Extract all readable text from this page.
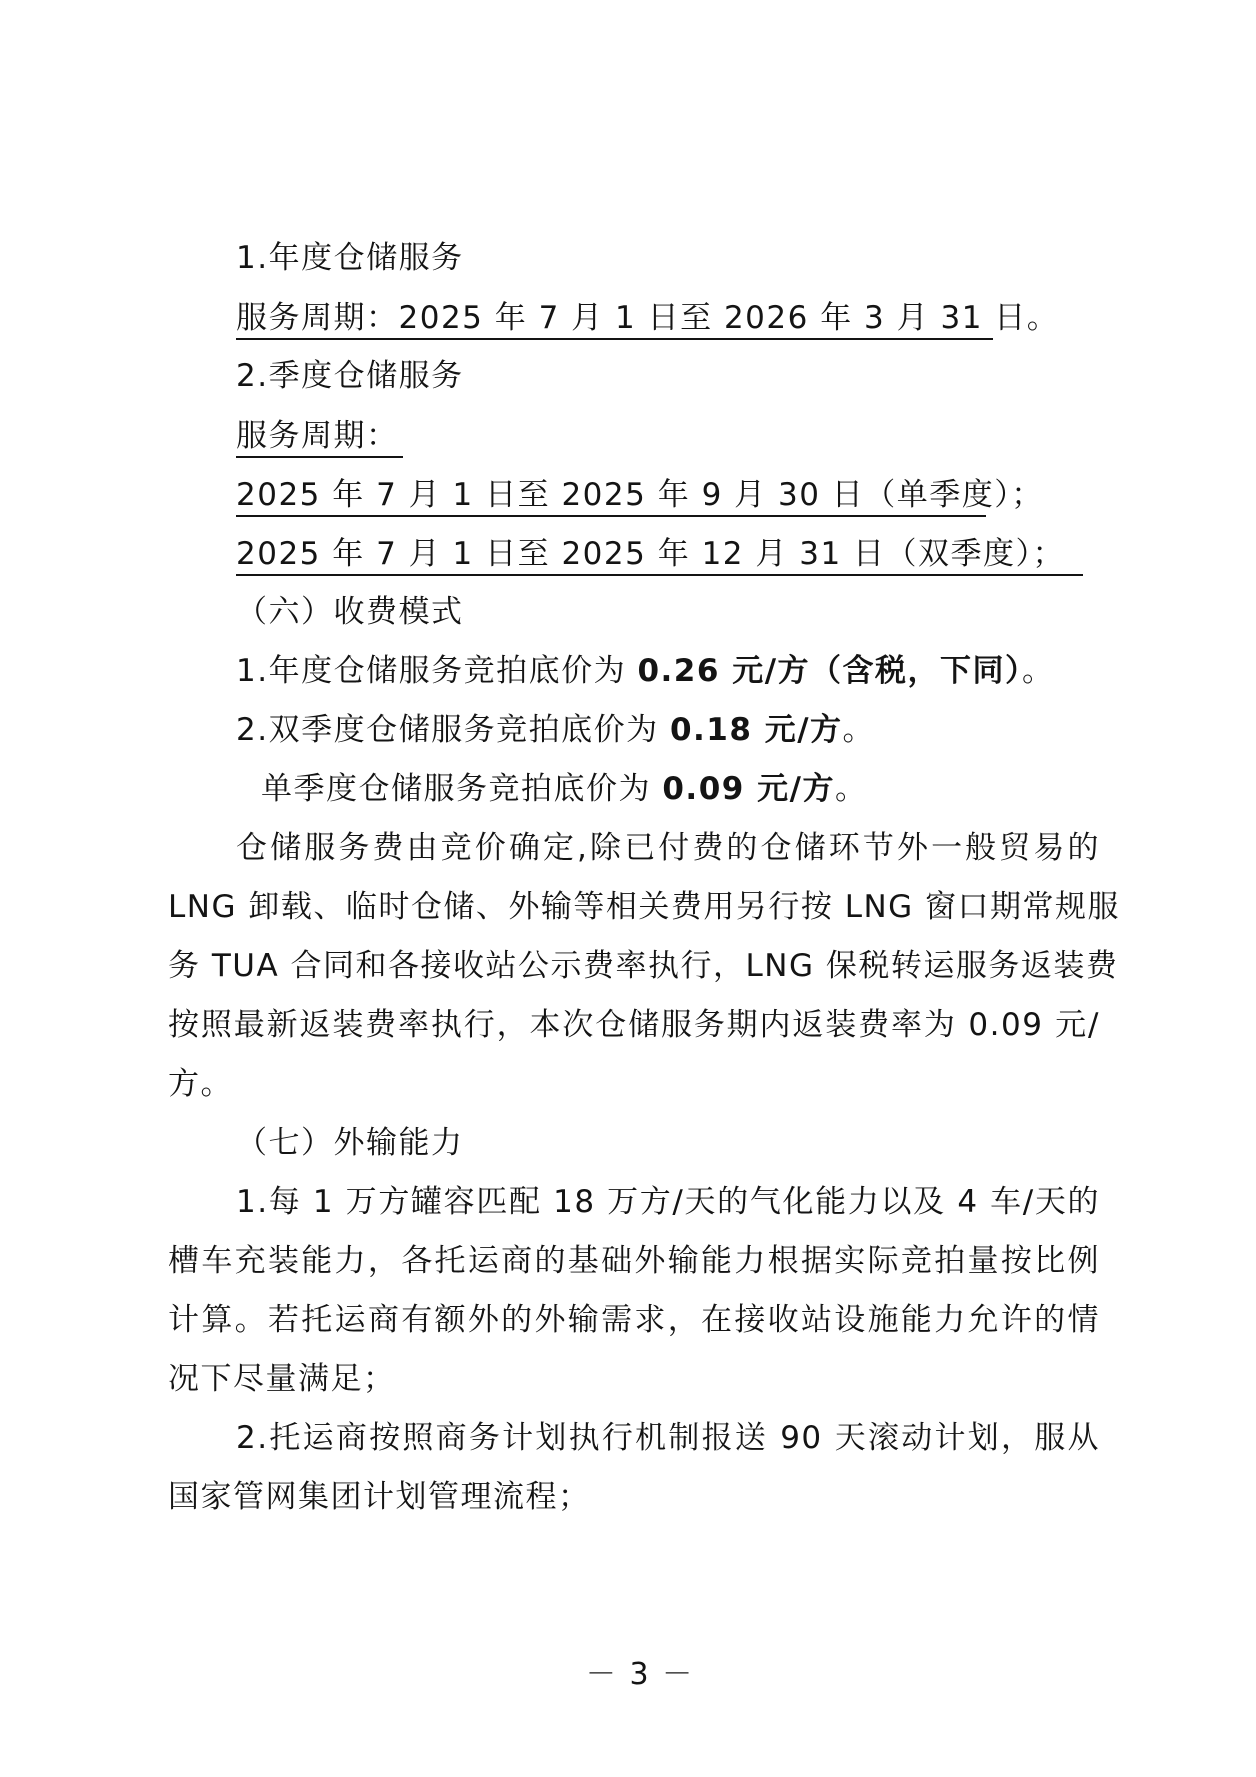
1.年度仓储服务
服务周期：2025 年 7 月 1 日至 2026 年 3 月 31 日。
2.季度仓储服务
服务周期：
2025 年 7 月 1 日至 2025 年 9 月 30 日（单季度）；
2025 年 7 月 1 日至 2025 年 12 月 31 日（双季度）；
（六）收费模式
1.年度仓储服务竞拍底价为 0.26 元/方（含税，下同）。
2.双季度仓储服务竞拍底价为 0.18 元/方。
单季度仓储服务竞拍底价为 0.09 元/方。
仓储服务费由竞价确定,除已付费的仓储环节外一般贸易的
LNG 卸载、临时仓储、外输等相关费用另行按 LNG 窗口期常规服
务 TUA 合同和各接收站公示费率执行，LNG 保税转运服务返装费
按照最新返装费率执行，本次仓储服务期内返装费率为 0.09 元/
方。
（七）外输能力
1.每 1 万方罐容匹配 18 万方/天的气化能力以及 4 车/天的
槽车充装能力，各托运商的基础外输能力根据实际竞拍量按比例
计算。若托运商有额外的外输需求，在接收站设施能力允许的情
况下尽量满足；
2.托运商按照商务计划执行机制报送 90 天滚动计划，服从
国家管网集团计划管理流程；
－ 3 －
